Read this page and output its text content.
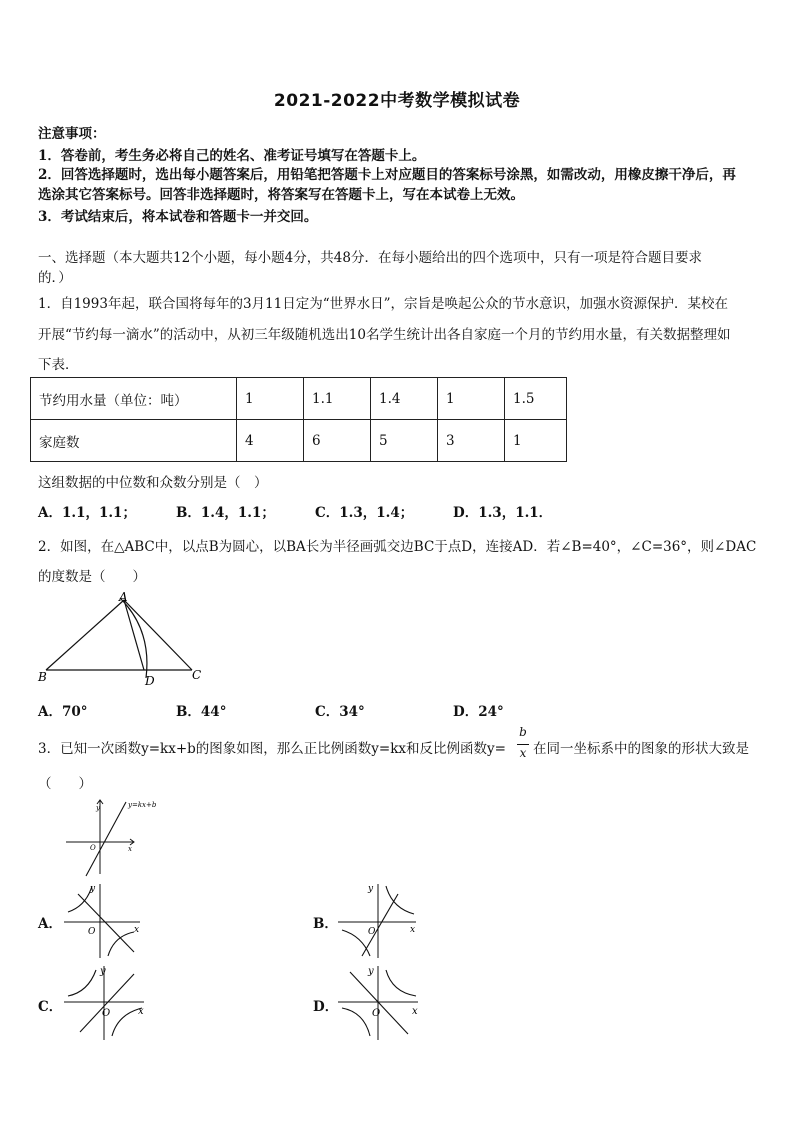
2021-2022中考数学模拟试卷
注意事项：
1．答卷前，考生务必将自己的姓名、准考证号填写在答题卡上。
2．回答选择题时，选出每小题答案后，用铅笔把答题卡上对应题目的答案标号涂黑，如需改动，用橡皮擦干净后，再
选涂其它答案标号。回答非选择题时，将答案写在答题卡上，写在本试卷上无效。
3．考试结束后，将本试卷和答题卡一并交回。
一、选择题（本大题共12个小题，每小题4分，共48分．在每小题给出的四个选项中，只有一项是符合题目要求
的．）
1．自1993年起，联合国将每年的3月11日定为“世界水日”，宗旨是唤起公众的节水意识，加强水资源保护．某校在
开展“节约每一滴水”的活动中，从初三年级随机选出10名学生统计出各自家庭一个月的节约用水量，有关数据整理如
下表．
节约用水量（单位：吨）	1	1.1	1.4	1	1.5
家庭数	4	6	5	3	1
这组数据的中位数和众数分别是（　）
A．1.1，1.1；	B．1.4，1.1；	C．1.3，1.4；	D．1.3，1.1．
2．如图，在△ABC中，以点B为圆心，以BA长为半径画弧交边BC于点D，连接AD．若∠B=40°，∠C=36°，则∠DAC
的度数是（　　）
A
B	C
D
A．70°	B．44°	C．34°	D．24°
3．已知一次函数y=kx+b的图象如图，那么正比例函数y=kx和反比例函数y=
b
x 在同一坐标系中的图象的形状大致是
（　　）
y
x
O
y=kx+b
A．
y
x
O	B．
y
x
O
C．
y
x
O	D．
y
x
O
